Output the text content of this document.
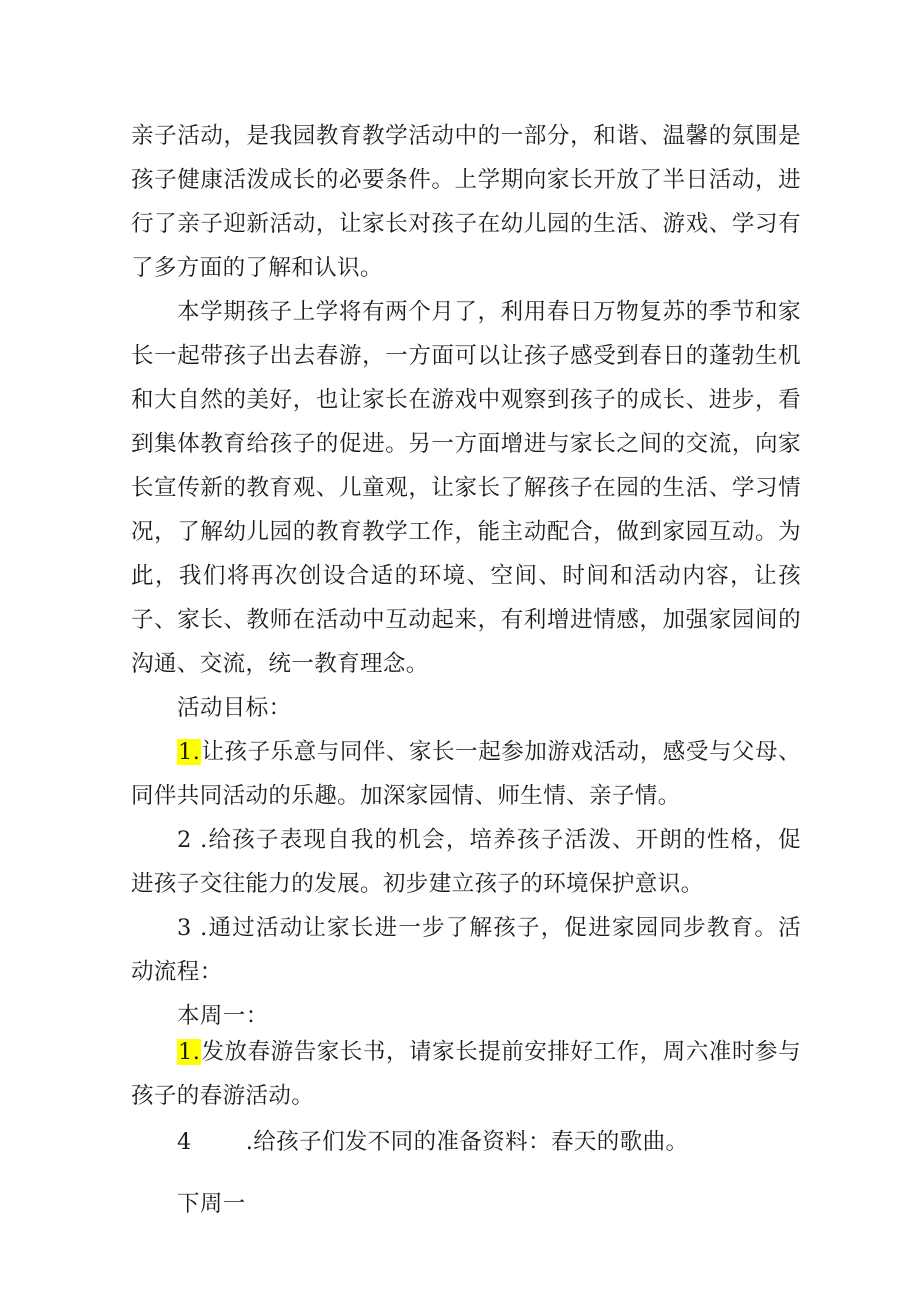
亲子活动，是我园教育教学活动中的一部分，和谐、温馨的氛围是孩子健康活泼成长的必要条件。上学期向家长开放了半日活动，进行了亲子迎新活动，让家长对孩子在幼儿园的生活、游戏、学习有了多方面的了解和认识。

本学期孩子上学将有两个月了，利用春日万物复苏的季节和家长一起带孩子出去春游，一方面可以让孩子感受到春日的蓬勃生机和大自然的美好，也让家长在游戏中观察到孩子的成长、进步，看到集体教育给孩子的促进。另一方面增进与家长之间的交流，向家长宣传新的教育观、儿童观，让家长了解孩子在园的生活、学习情况，了解幼儿园的教育教学工作，能主动配合，做到家园互动。为此，我们将再次创设合适的环境、空间、时间和活动内容，让孩子、家长、教师在活动中互动起来，有利增进情感，加强家园间的沟通、交流，统一教育理念。

活动目标：

1.让孩子乐意与同伴、家长一起参加游戏活动，感受与父母、同伴共同活动的乐趣。加深家园情、师生情、亲子情。

2 .给孩子表现自我的机会，培养孩子活泼、开朗的性格，促进孩子交往能力的发展。初步建立孩子的环境保护意识。

3 .通过活动让家长进一步了解孩子，促进家园同步教育。活动流程：

本周一：

1.发放春游告家长书，请家长提前安排好工作，周六准时参与孩子的春游活动。

4 .给孩子们发不同的准备资料：春天的歌曲。

下周一
